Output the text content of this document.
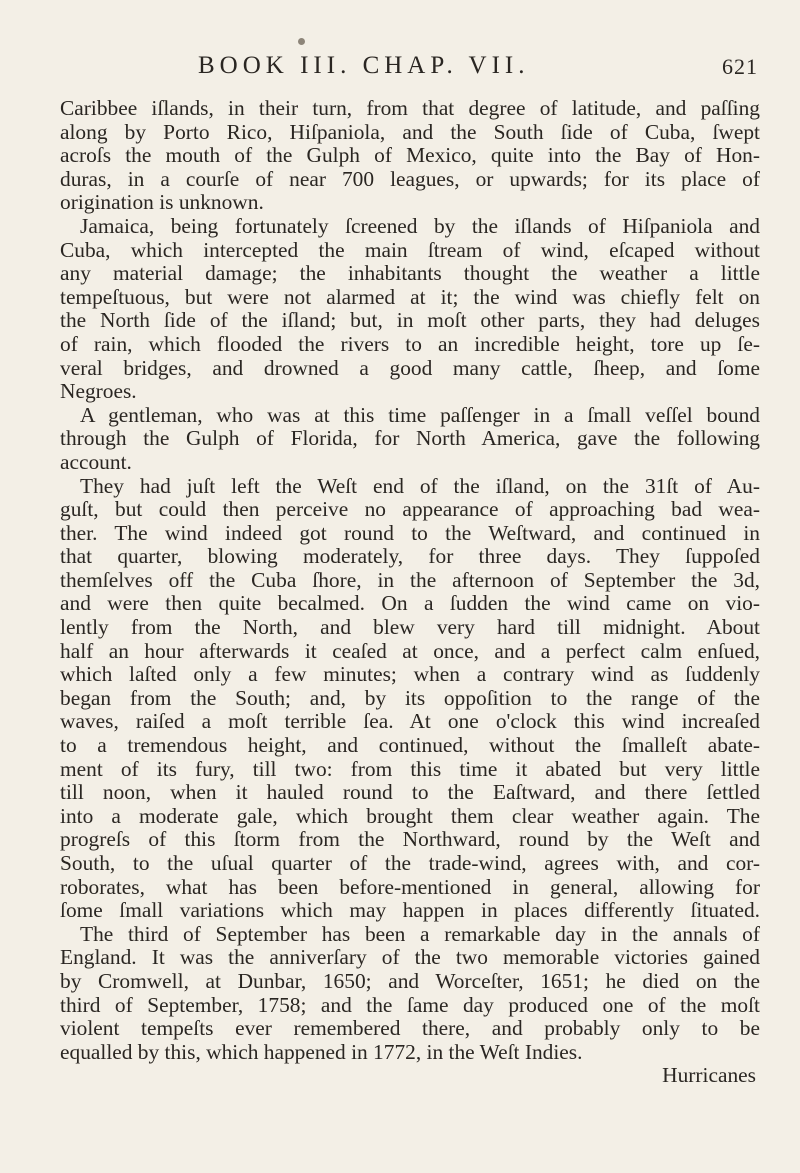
BOOK III. CHAP. VII.	621
Caribbee iſlands, in their turn, from that degree of latitude, and paſſing
along by Porto Rico, Hiſpaniola, and the South ſide of Cuba, ſwept
acroſs the mouth of the Gulph of Mexico, quite into the Bay of Hon-
duras, in a courſe of near 700 leagues, or upwards; for its place of
origination is unknown.
Jamaica, being fortunately ſcreened by the iſlands of Hiſpaniola and
Cuba, which intercepted the main ſtream of wind, eſcaped without
any material damage; the inhabitants thought the weather a little
tempeſtuous, but were not alarmed at it; the wind was chiefly felt on
the North ſide of the iſland; but, in moſt other parts, they had deluges
of rain, which flooded the rivers to an incredible height, tore up ſe-
veral bridges, and drowned a good many cattle, ſheep, and ſome
Negroes.
A gentleman, who was at this time paſſenger in a ſmall veſſel bound
through the Gulph of Florida, for North America, gave the following
account.
They had juſt left the Weſt end of the iſland, on the 31ſt of Au-
guſt, but could then perceive no appearance of approaching bad wea-
ther. The wind indeed got round to the Weſtward, and continued in
that quarter, blowing moderately, for three days. They ſuppoſed
themſelves off the Cuba ſhore, in the afternoon of September the 3d,
and were then quite becalmed. On a ſudden the wind came on vio-
lently from the North, and blew very hard till midnight. About
half an hour afterwards it ceaſed at once, and a perfect calm enſued,
which laſted only a few minutes; when a contrary wind as ſuddenly
began from the South; and, by its oppoſition to the range of the
waves, raiſed a moſt terrible ſea. At one o'clock this wind increaſed
to a tremendous height, and continued, without the ſmalleſt abate-
ment of its fury, till two: from this time it abated but very little
till noon, when it hauled round to the Eaſtward, and there ſettled
into a moderate gale, which brought them clear weather again. The
progreſs of this ſtorm from the Northward, round by the Weſt and
South, to the uſual quarter of the trade-wind, agrees with, and cor-
roborates, what has been before-mentioned in general, allowing for
ſome ſmall variations which may happen in places differently ſituated.
The third of September has been a remarkable day in the annals of
England. It was the anniverſary of the two memorable victories gained
by Cromwell, at Dunbar, 1650; and Worceſter, 1651; he died on the
third of September, 1758; and the ſame day produced one of the moſt
violent tempeſts ever remembered there, and probably only to be
equalled by this, which happened in 1772, in the Weſt Indies.
Hurricanes
